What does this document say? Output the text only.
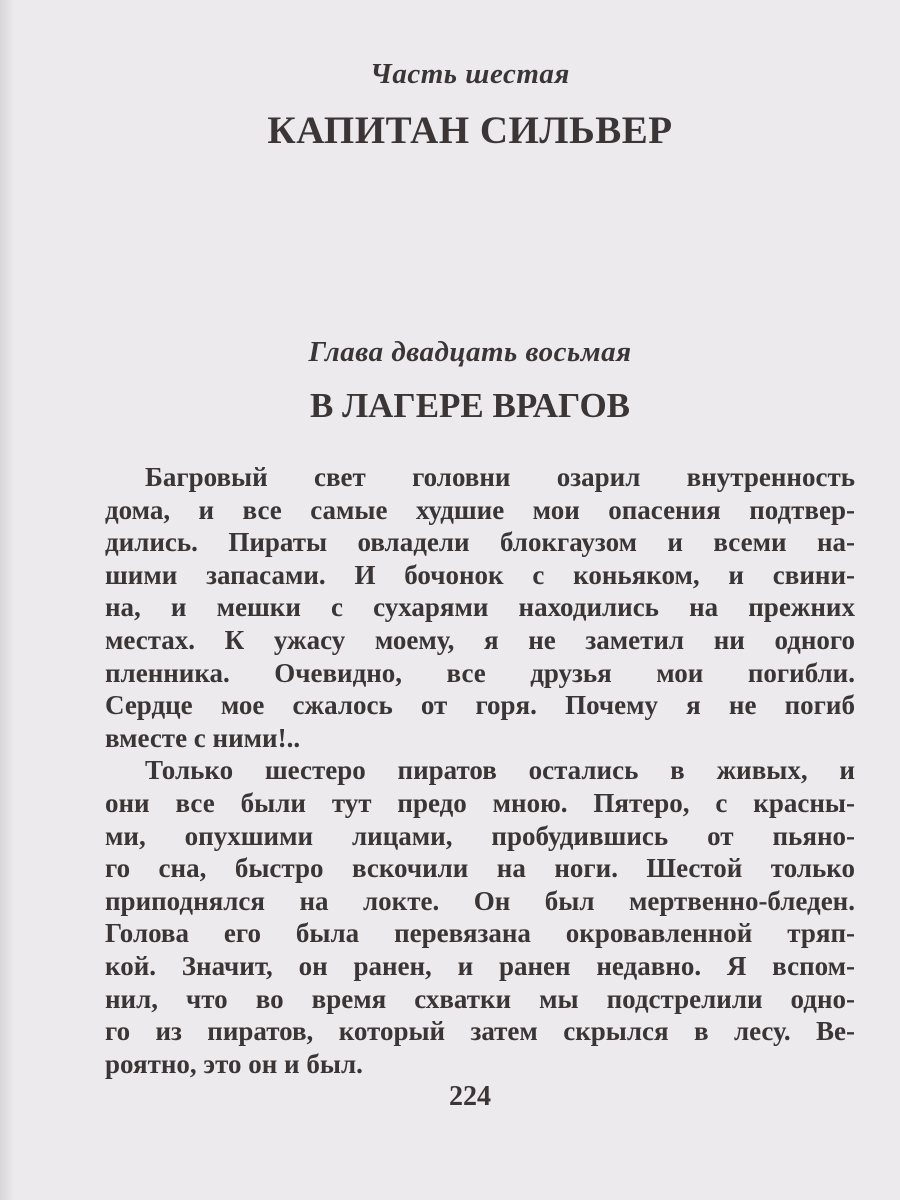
Часть шестая
КАПИТАН СИЛЬВЕР
Глава двадцать восьмая
В ЛАГЕРЕ ВРАГОВ
Багровый свет головни озарил внутренность
дома, и все самые худшие мои опасения подтвер-
дились. Пираты овладели блокгаузом и всеми на-
шими запасами. И бочонок с коньяком, и свини-
на, и мешки с сухарями находились на прежних
местах. К ужасу моему, я не заметил ни одного
пленника. Очевидно, все друзья мои погибли.
Сердце мое сжалось от горя. Почему я не погиб
вместе с ними!..
Только шестеро пиратов остались в живых, и
они все были тут предо мною. Пятеро, с красны-
ми, опухшими лицами, пробудившись от пьяно-
го сна, быстро вскочили на ноги. Шестой только
приподнялся на локте. Он был мертвенно-бледен.
Голова его была перевязана окровавленной тряп-
кой. Значит, он ранен, и ранен недавно. Я вспом-
нил, что во время схватки мы подстрелили одно-
го из пиратов, который затем скрылся в лесу. Ве-
роятно, это он и был.
224
